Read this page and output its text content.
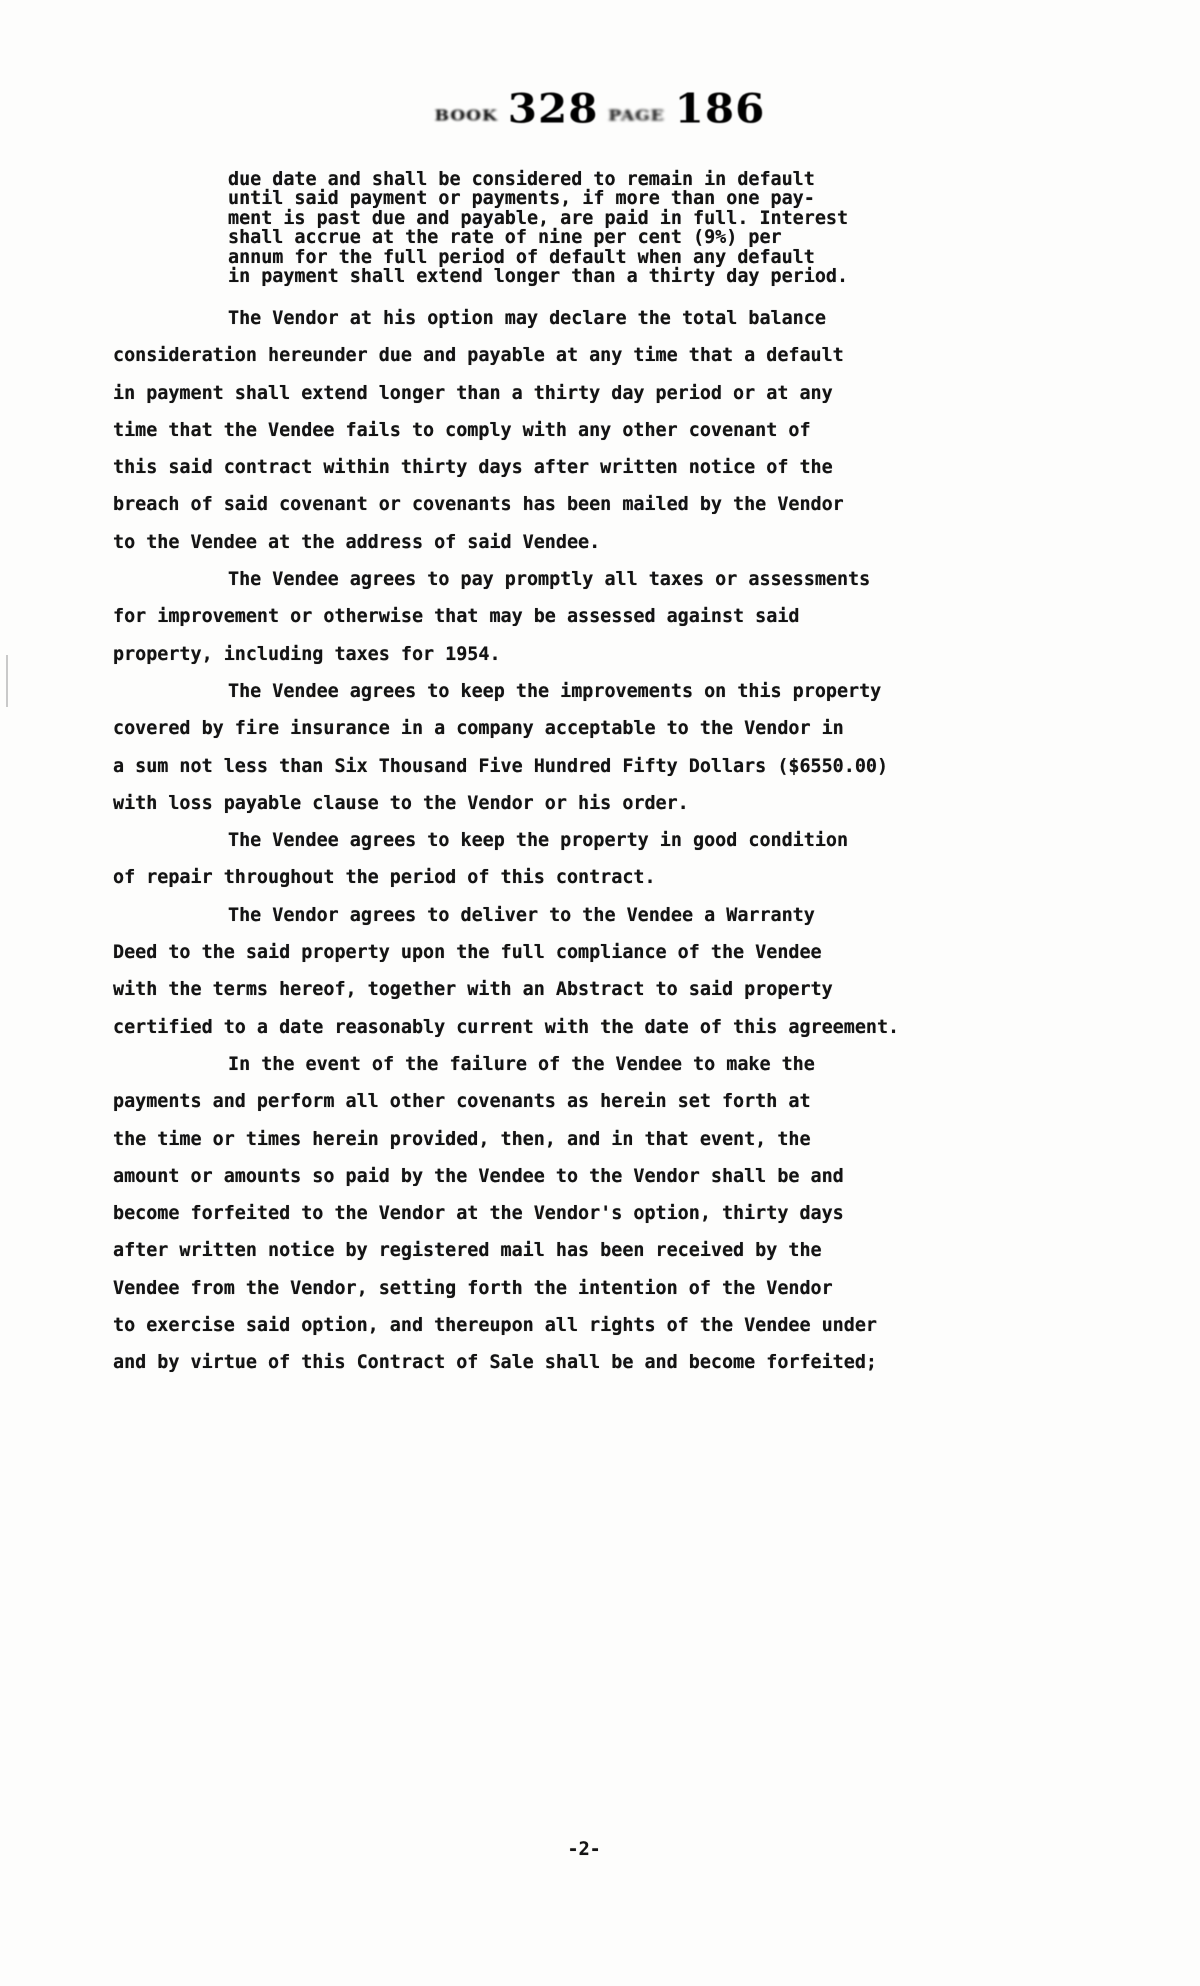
BOOK 328 PAGE 186
due date and shall be considered to remain in default
until said payment or payments, if more than one pay-
ment is past due and payable, are paid in full. Interest
shall accrue at the rate of nine per cent (9%) per
annum for the full period of default when any default
in payment shall extend longer than a thirty day period.
The Vendor at his option may declare the total balance
consideration hereunder due and payable at any time that a default
in payment shall extend longer than a thirty day period or at any
time that the Vendee fails to comply with any other covenant of
this said contract within thirty days after written notice of the
breach of said covenant or covenants has been mailed by the Vendor
to the Vendee at the address of said Vendee.
The Vendee agrees to pay promptly all taxes or assessments
for improvement or otherwise that may be assessed against said
property, including taxes for 1954.
The Vendee agrees to keep the improvements on this property
covered by fire insurance in a company acceptable to the Vendor in
a sum not less than Six Thousand Five Hundred Fifty Dollars ($6550.00)
with loss payable clause to the Vendor or his order.
The Vendee agrees to keep the property in good condition
of repair throughout the period of this contract.
The Vendor agrees to deliver to the Vendee a Warranty
Deed to the said property upon the full compliance of the Vendee
with the terms hereof, together with an Abstract to said property
certified to a date reasonably current with the date of this agreement.
In the event of the failure of the Vendee to make the
payments and perform all other covenants as herein set forth at
the time or times herein provided, then, and in that event, the
amount or amounts so paid by the Vendee to the Vendor shall be and
become forfeited to the Vendor at the Vendor's option, thirty days
after written notice by registered mail has been received by the
Vendee from the Vendor, setting forth the intention of the Vendor
to exercise said option, and thereupon all rights of the Vendee under
and by virtue of this Contract of Sale shall be and become forfeited;

-2-
